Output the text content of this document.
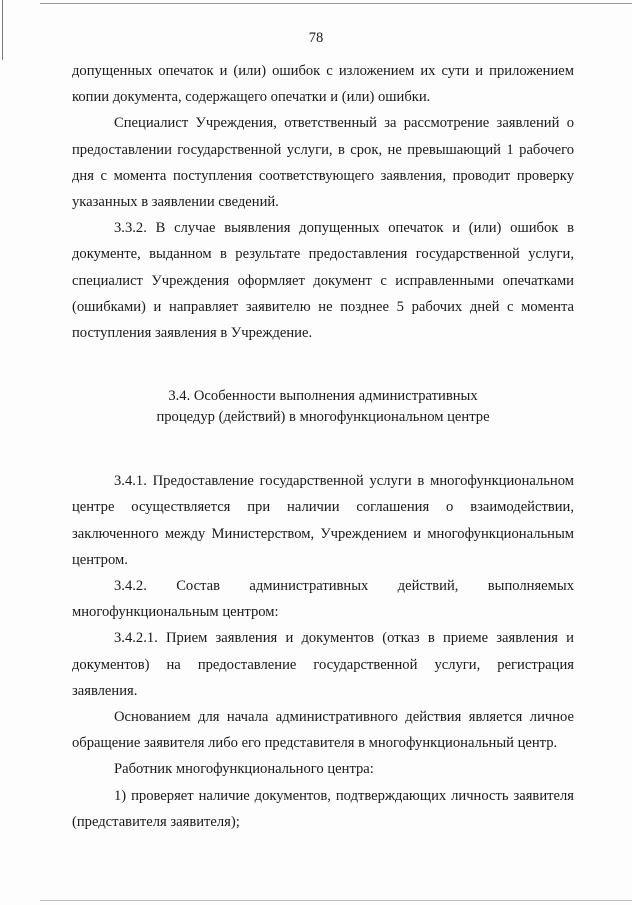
78

допущенных опечаток и (или) ошибок с изложением их сути и приложением копии документа, содержащего опечатки и (или) ошибки.

Специалист Учреждения, ответственный за рассмотрение заявлений о предоставлении государственной услуги, в срок, не превышающий 1 рабочего дня с момента поступления соответствующего заявления, проводит проверку указанных в заявлении сведений.

3.3.2. В случае выявления допущенных опечаток и (или) ошибок в документе, выданном в результате предоставления государственной услуги, специалист Учреждения оформляет документ с исправленными опечатками (ошибками) и направляет заявителю не позднее 5 рабочих дней с момента поступления заявления в Учреждение.

3.4. Особенности выполнения административных
процедур (действий) в многофункциональном центре

3.4.1. Предоставление государственной услуги в многофункциональном центре осуществляется при наличии соглашения о взаимодействии, заключенного между Министерством, Учреждением и многофункциональным центром.

3.4.2. Состав административных действий, выполняемых многофункциональным центром:

3.4.2.1. Прием заявления и документов (отказ в приеме заявления и документов) на предоставление государственной услуги, регистрация заявления.

Основанием для начала административного действия является личное обращение заявителя либо его представителя в многофункциональный центр.

Работник многофункционального центра:

1) проверяет наличие документов, подтверждающих личность заявителя (представителя заявителя);
